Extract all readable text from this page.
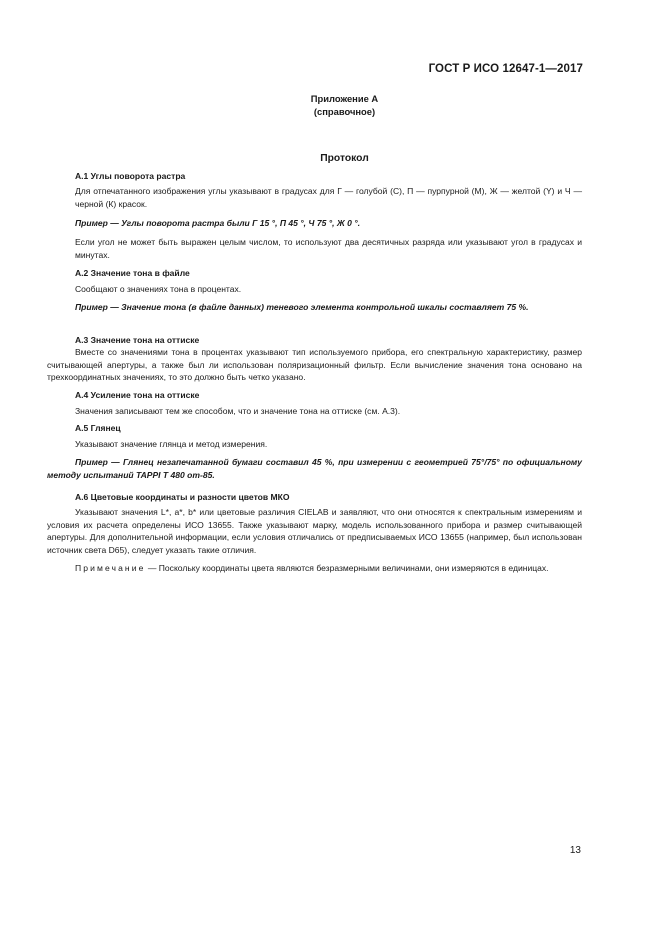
ГОСТ Р ИСО 12647-1—2017
Приложение А
(справочное)
Протокол
А.1 Углы поворота растра
Для отпечатанного изображения углы указывают в градусах для Г — голубой (С), П — пурпурной (М), Ж — желтой (Y) и Ч — черной (К) красок.
Пример — Углы поворота растра были Г 15 °, П 45 °, Ч 75 °, Ж 0 °.
Если угол не может быть выражен целым числом, то используют два десятичных разряда или указывают угол в градусах и минутах.
А.2 Значение тона в файле
Сообщают о значениях тона в процентах.
Пример — Значение тона (в файле данных) теневого элемента контрольной шкалы составляет 75 %.
А.3 Значение тона на оттиске
Вместе со значениями тона в процентах указывают тип используемого прибора, его спектральную характеристику, размер считывающей апертуры, а также был ли использован поляризационный фильтр. Если вычисление значения тона основано на трехкоординатных значениях, то это должно быть четко указано.
А.4 Усиление тона на оттиске
Значения записывают тем же способом, что и значение тона на оттиске (см. А.3).
А.5 Глянец
Указывают значение глянца и метод измерения.
Пример — Глянец незапечатанной бумаги составил 45 %, при измерении с геометрией 75°/75° по официальному методу испытаний TAPPI T 480 om-85.
А.6 Цветовые координаты и разности цветов МКО
Указывают значения L*, a*, b* или цветовые различия CIELAB и заявляют, что они относятся к спектральным измерениям и условия их расчета определены ИСО 13655. Также указывают марку, модель использованного прибора и размер считывающей апертуры. Для дополнительной информации, если условия отличались от предписываемых ИСО 13655 (например, был использован источник света D65), следует указать такие отличия.
Примечание — Поскольку координаты цвета являются безразмерными величинами, они измеряются в единицах.
13
